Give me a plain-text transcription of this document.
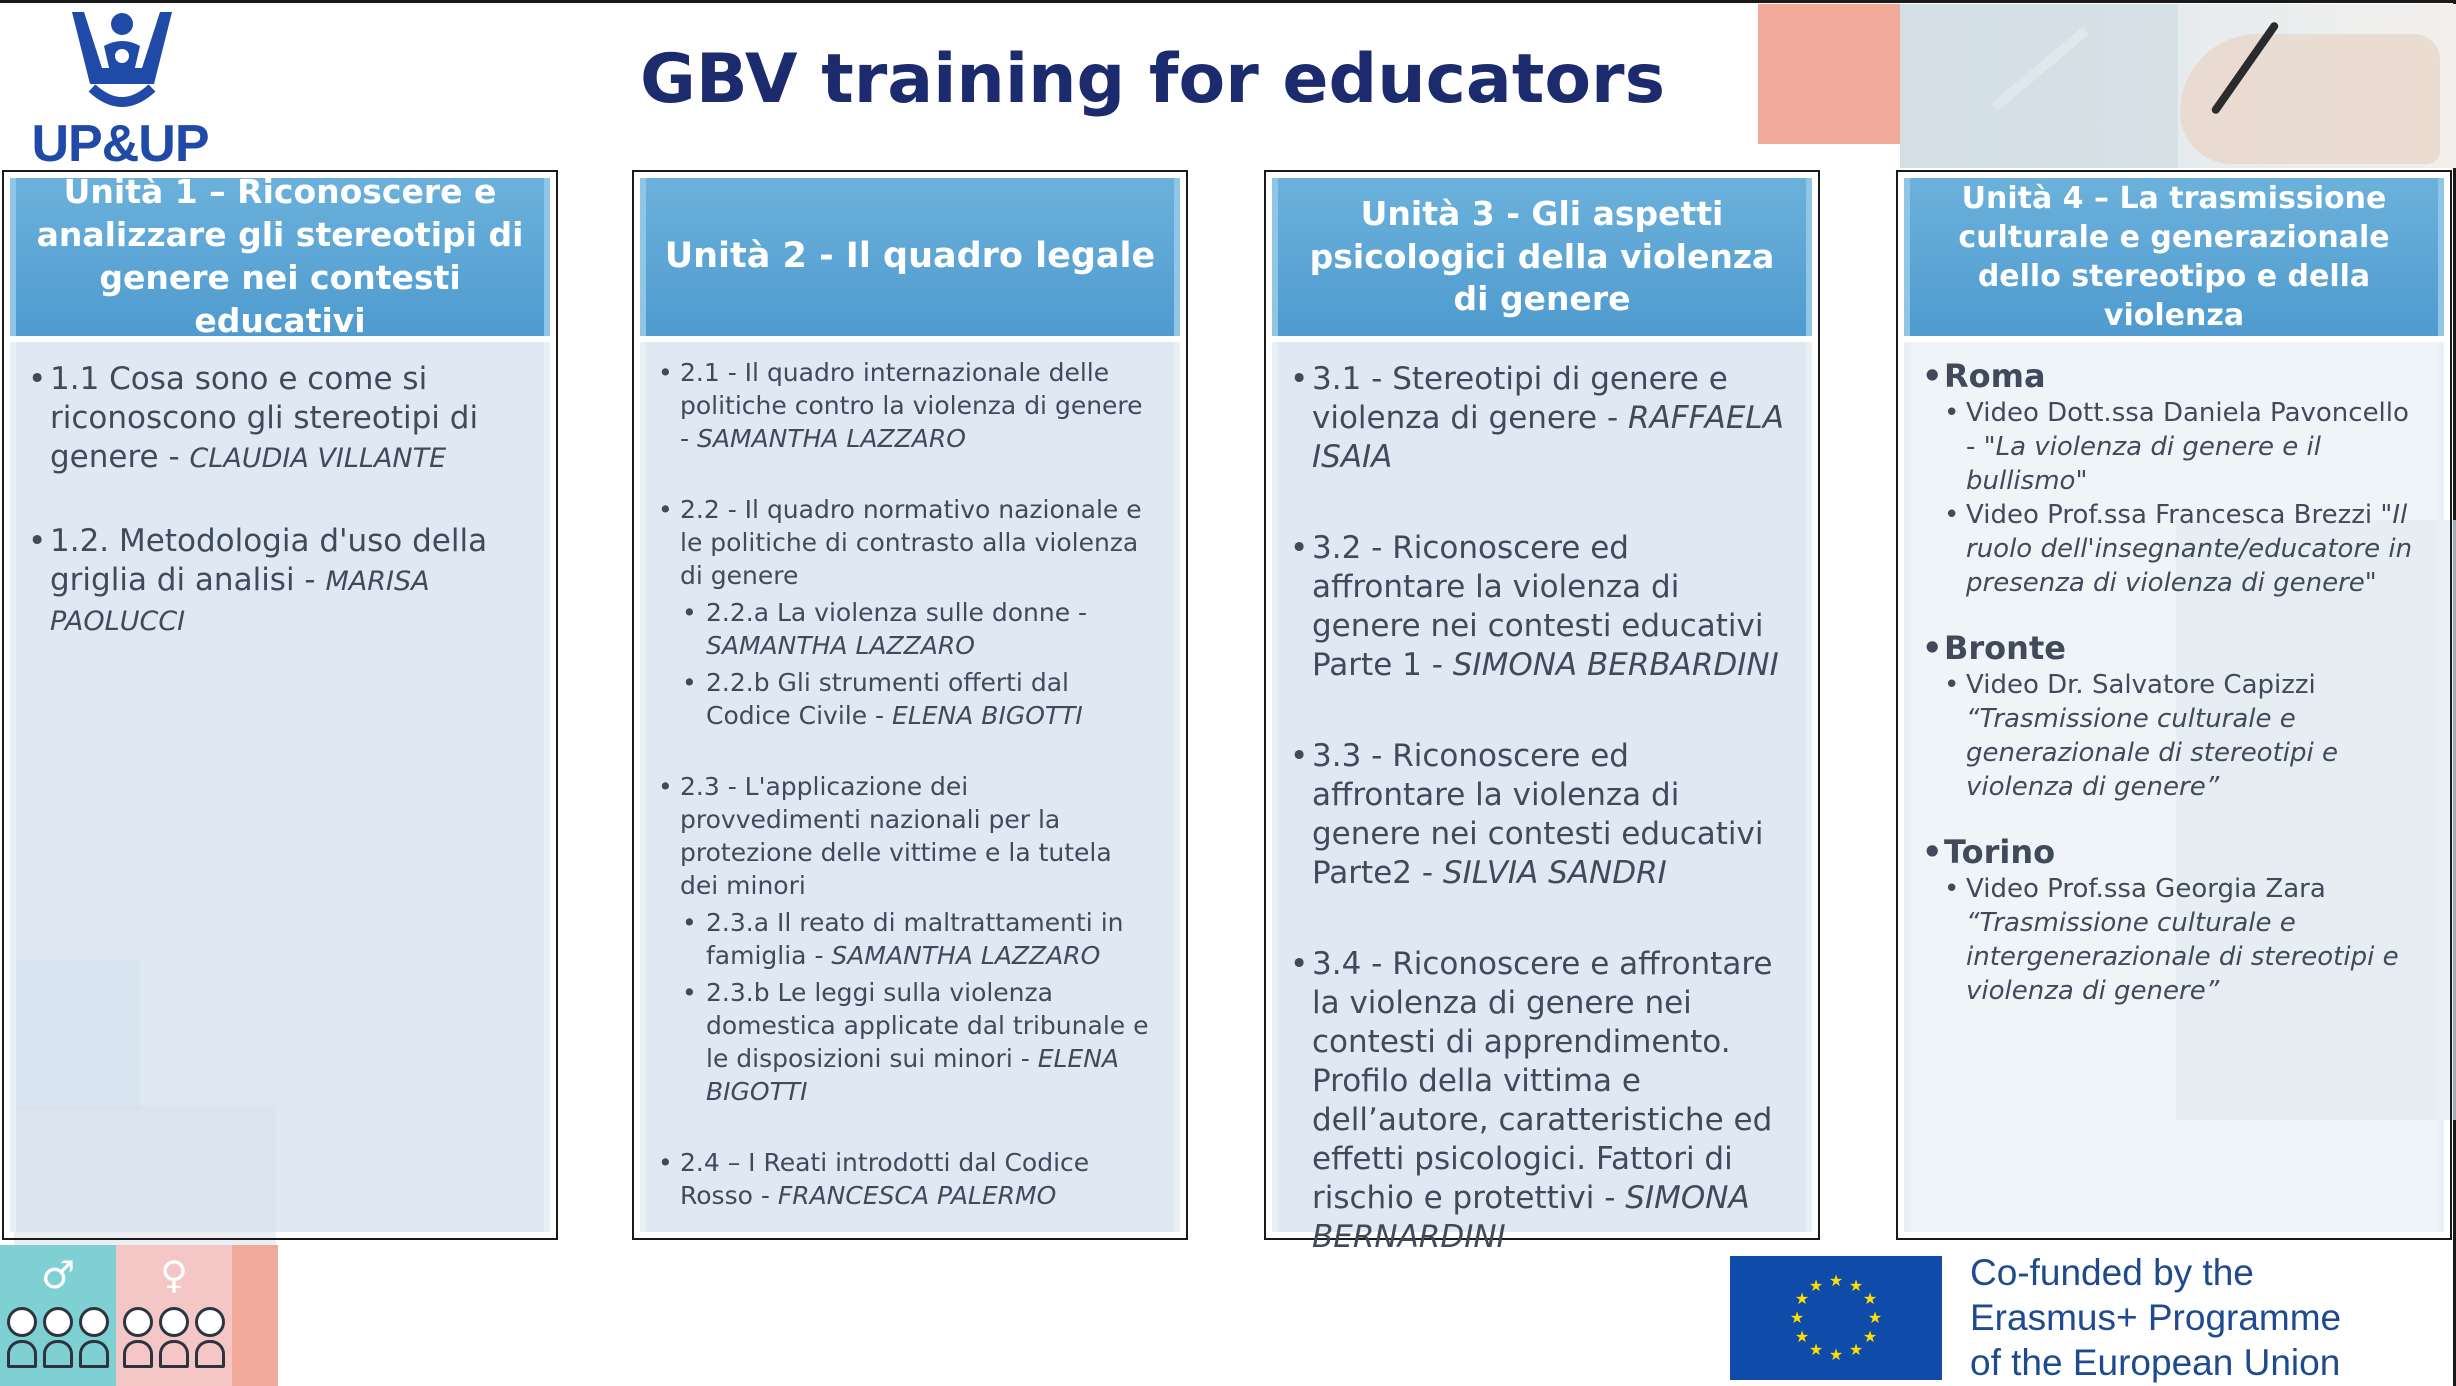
UP&UP
GBV training for educators
Unità 1 – Riconoscere e analizzare gli stereotipi di genere nei contesti educativi
• 1.1 Cosa sono e come si riconoscono gli stereotipi di genere - CLAUDIA VILLANTE
• 1.2. Metodologia d'uso della griglia di analisi - MARISA PAOLUCCI
Unità 2 - Il quadro legale
• 2.1 - Il quadro internazionale delle politiche contro la violenza di genere - SAMANTHA LAZZARO
• 2.2 - Il quadro normativo nazionale e le politiche di contrasto alla violenza di genere
• 2.2.a La violenza sulle donne - SAMANTHA LAZZARO
• 2.2.b Gli strumenti offerti dal Codice Civile - ELENA BIGOTTI
• 2.3 - L'applicazione dei provvedimenti nazionali per la protezione delle vittime e la tutela dei minori
• 2.3.a Il reato di maltrattamenti in famiglia - SAMANTHA LAZZARO
• 2.3.b Le leggi sulla violenza domestica applicate dal tribunale e le disposizioni sui minori - ELENA BIGOTTI
• 2.4 – I Reati introdotti dal Codice Rosso - FRANCESCA PALERMO
Unità 3 - Gli aspetti psicologici della violenza di genere
• 3.1 - Stereotipi di genere e violenza di genere - RAFFAELA ISAIA
• 3.2 - Riconoscere ed affrontare la violenza di genere nei contesti educativi Parte 1 - SIMONA BERBARDINI
• 3.3 - Riconoscere ed affrontare la violenza di genere nei contesti educativi Parte2 - SILVIA SANDRI
• 3.4 - Riconoscere e affrontare la violenza di genere nei contesti di apprendimento. Profilo della vittima e dell’autore, caratteristiche ed effetti psicologici. Fattori di rischio e protettivi - SIMONA BERNARDINI
Unità 4 – La trasmissione culturale e generazionale dello stereotipo e della violenza
• Roma
• Video Dott.ssa Daniela Pavoncello - "La violenza di genere e il bullismo"
• Video Prof.ssa Francesca Brezzi "Il ruolo dell'insegnante/educatore in presenza di violenza di genere"
• Bronte
• Video Dr. Salvatore Capizzi “Trasmissione culturale e generazionale di stereotipi e violenza di genere”
• Torino
• Video Prof.ssa Georgia Zara “Trasmissione culturale e intergenerazionale di stereotipi e violenza di genere”
♂	♀	★ ★
★
★
★
★
★
★
★
★
★
★	Co-funded by the
Erasmus+ Programme
of the European Union
